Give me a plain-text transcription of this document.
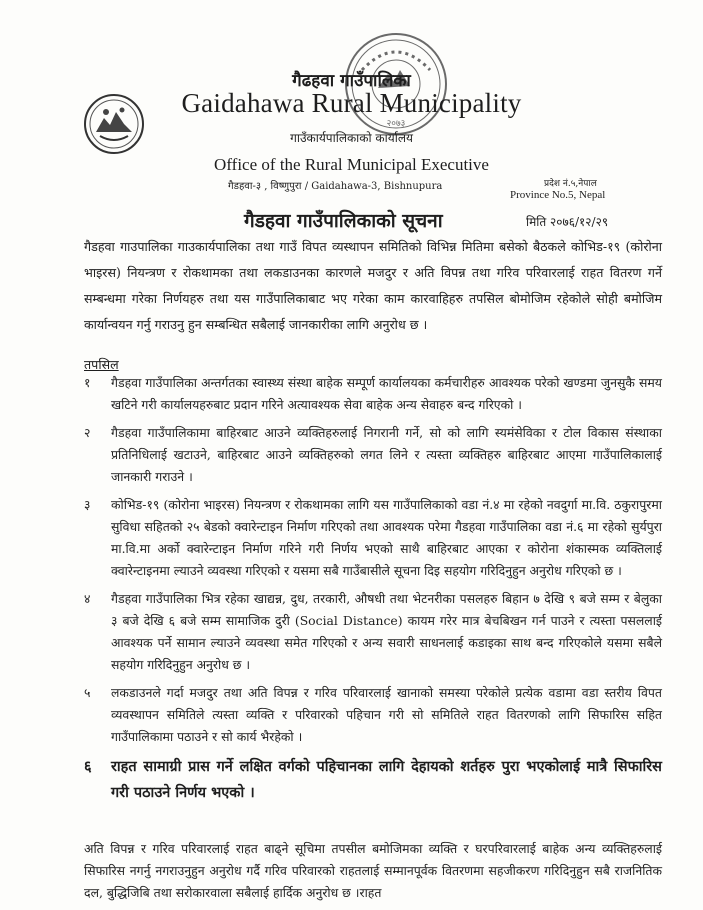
२०७३
गैढहवा गाउँपालिका
Gaidahawa Rural Municipality
गाउँकार्यपालिकाको कार्यालय
Office of the Rural Municipal Executive
गैडहवा-३ , विष्णुपुरा / Gaidahawa-3, Bishnupura	प्रदेश नं.५,नेपाल
Province No.5, Nepal
गैडहवा गाउँपालिकाको सूचना	मिति २०७६/१२/२९
गैडहवा गाउपालिका गाउकार्यपालिका तथा गाउँ विपत व्यस्थापन समितिको विभिन्न मितिमा बसेको बैठकले कोभिड-१९ (कोरोना भाइरस) नियन्त्रण र रोकथामका तथा लकडाउनका कारणले मजदुर र अति विपन्न तथा गरिव परिवारलाई राहत वितरण गर्ने सम्बन्धमा गरेका निर्णयहरु तथा यस गाउँपालिकाबाट भए गरेका काम कारवाहिहरु तपसिल बोमोजिम रहेकोले सोही बमोजिम कार्यान्वयन गर्नु गराउनु हुन सम्बन्धित सबैलाई जानकारीका लागि अनुरोध छ ।
तपसिल
१ गैडहवा गाउँपालिका अन्तर्गतका स्वास्थ्य संस्था बाहेक सम्पूर्ण कार्यालयका कर्मचारीहरु आवश्यक परेको खण्डमा जुनसुकै समय खटिने गरी कार्यालयहरुबाट प्रदान गरिने अत्यावश्यक सेवा बाहेक अन्य सेवाहरु बन्द गरिएको ।
२ गैडहवा गाउँपालिकामा बाहिरबाट आउने व्यक्तिहरुलाई निगरानी गर्ने, सो को लागि स्यमंसेविका र टोल विकास संस्थाका प्रतिनिधिलाई खटाउने, बाहिरबाट आउने व्यक्तिहरुको लगत लिने र त्यस्ता व्यक्तिहरु बाहिरबाट आएमा गाउँपालिकालाई जानकारी गराउने ।
३ कोभिड-१९ (कोरोना भाइरस) नियन्त्रण र रोकथामका लागि यस गाउँपालिकाको वडा नं.४ मा रहेको नवदुर्गा मा.वि. ठकुरापुरमा सुविधा सहितको २५ बेडको क्वारेन्टाइन निर्माण गरिएको तथा आवश्यक परेमा गैडहवा गाउँपालिका वडा नं.६ मा रहेको सुर्यपुरा मा.वि.मा अर्को क्वारेन्टाइन निर्माण गरिने गरी निर्णय भएको साथै बाहिरबाट आएका र कोरोना शंकास्मक व्यक्तिलाई क्वारेन्टाइनमा ल्याउने व्यवस्था गरिएको र यसमा सबै गाउँबासीले सूचना दिइ सहयोग गरिदिनुहुन अनुरोध गरिएको छ ।
४ गैडहवा गाउँपालिका भित्र रहेका खाद्यन्न, दुध, तरकारी, औषधी तथा भेटनरीका पसलहरु बिहान ७ देखि ९ बजे सम्म र बेलुका ३ बजे देखि ६ बजे सम्म सामाजिक दुरी (Social Distance) कायम गरेर मात्र बेचबिखन गर्न पाउने र त्यस्ता पसललाई आवश्यक पर्ने सामान ल्याउने व्यवस्था समेत गरिएको र अन्य सवारी साधनलाई कडाइका साथ बन्द गरिएकोले यसमा सबैले सहयोग गरिदिनुहुन अनुरोध छ ।
५ लकडाउनले गर्दा मजदुर तथा अति विपन्न र गरिव परिवारलाई खानाको समस्या परेकोले प्रत्येक वडामा वडा स्तरीय विपत व्यवस्थापन समितिले त्यस्ता व्यक्ति र परिवारको पहिचान गरी सो समितिले राहत वितरणको लागि सिफारिस सहित गाउँपालिकामा पठाउने र सो कार्य भैरहेको ।
६ राहत सामाग्री प्रास गर्ने लक्षित वर्गको पहिचानका लागि देहायको शर्तहरु पुरा भएकोलाई मात्रै सिफारिस गरी पठाउने निर्णय भएको ।
अति विपन्न र गरिव परिवारलाई राहत बाढ्ने सूचिमा तपसील बमोजिमका व्यक्ति र घरपरिवारलाई बाहेक अन्य व्यक्तिहरुलाई सिफारिस नगर्नु नगराउनुहुन अनुरोध गर्दै गरिव परिवारको राहतलाई सम्मानपूर्वक वितरणमा सहजीकरण गरिदिनुहुन सबै राजनितिक दल, बुद्धिजिबि तथा सरोकारवाला सबैलाई हार्दिक अनुरोध छ ।राहत
